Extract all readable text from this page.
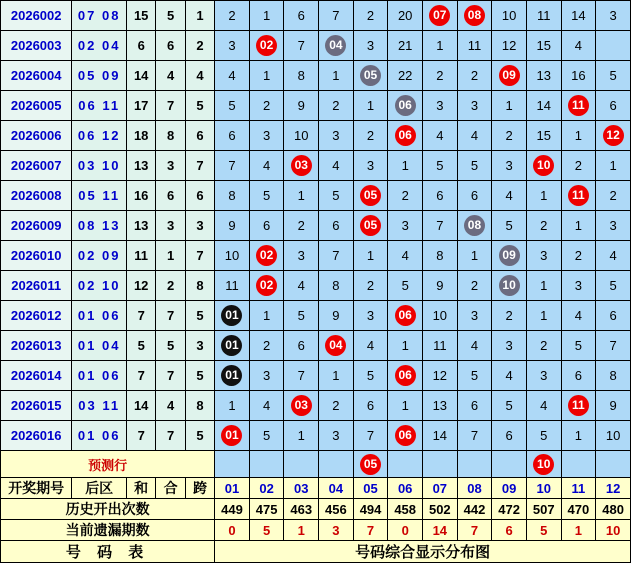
2026002	07 08	15	5	1	2	1	6	7	2	20	07	08	10	11	14	3
2026003	02 04	6	6	2	3	02	7	04	3	21	1	11	12	15	4	
2026004	05 09	14	4	4	4	1	8	1	05	22	2	2	09	13	16	5
2026005	06 11	17	7	5	5	2	9	2	1	06	3	3	1	14	11	6
2026006	06 12	18	8	6	6	3	10	3	2	06	4	4	2	15	1	12
2026007	03 10	13	3	7	7	4	03	4	3	1	5	5	3	10	2	1
2026008	05 11	16	6	6	8	5	1	5	05	2	6	6	4	1	11	2
2026009	08 13	13	3	3	9	6	2	6	05	3	7	08	5	2	1	3
2026010	02 09	11	1	7	10	02	3	7	1	4	8	1	09	3	2	4
2026011	02 10	12	2	8	11	02	4	8	2	5	9	2	10	1	3	5
2026012	01 06	7	7	5	01	1	5	9	3	06	10	3	2	1	4	6
2026013	01 04	5	5	3	01	2	6	04	4	1	11	4	3	2	5	7
2026014	01 06	7	7	5	01	3	7	1	5	06	12	5	4	3	6	8
2026015	03 11	14	4	8	1	4	03	2	6	1	13	6	5	4	11	9
2026016	01 06	7	7	5	01	5	1	3	7	06	14	7	6	5	1	10
预测行									05					10		
开奖期号	后区	和	合	跨	01	02	03	04	05	06	07	08	09	10	11	12
历史开出次数					449	475	463	456	494	458	502	442	472	507	470	480
当前遗漏期数					0	5	1	3	7	0	14	7	6	5	1	10
号 码 表					号码综合显示分布图											
